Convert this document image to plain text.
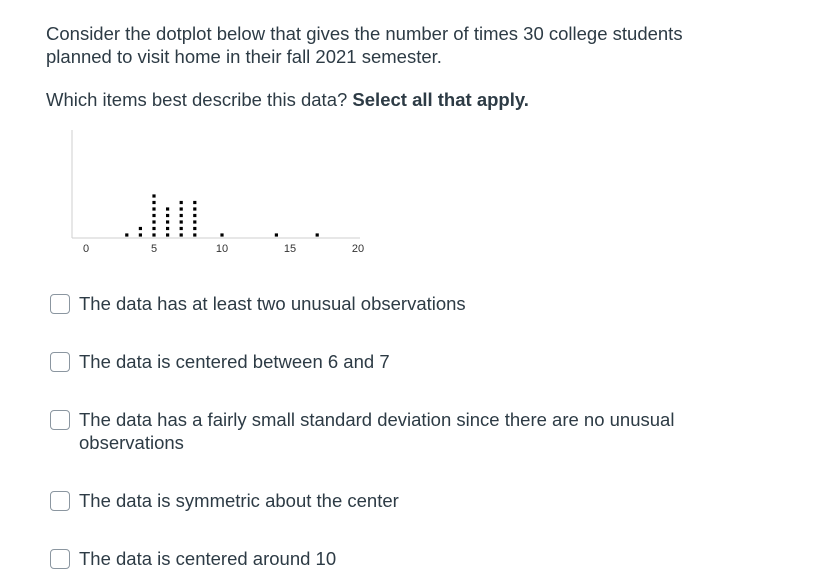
Consider the dotplot below that gives the number of times 30 college students planned to visit home in their fall 2021 semester.

Which items best describe this data? Select all that apply.

0	5	10	15	20
The data has at least two unusual observations
The data is centered between 6 and 7
The data has a fairly small standard deviation since there are no unusual observations
The data is symmetric about the center
The data is centered around 10
